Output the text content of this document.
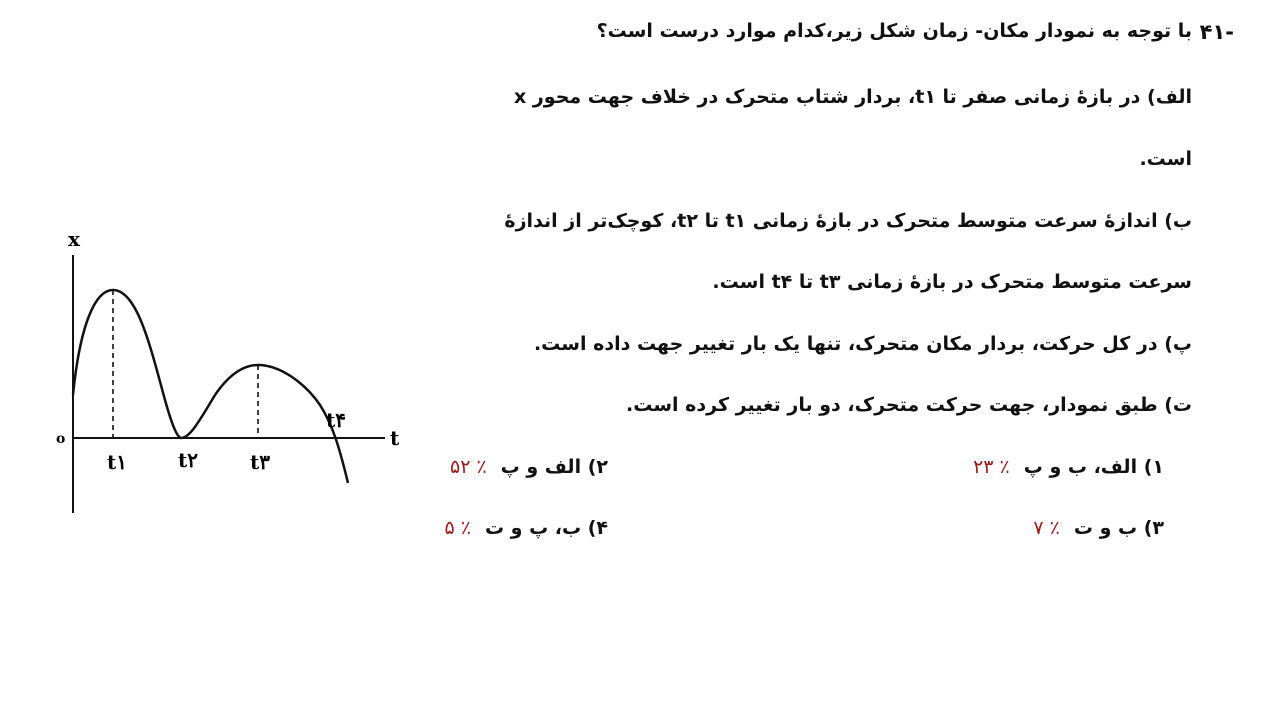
۴۱-
با توجه به نمودار مکان- زمان شکل زیر،کدام موارد درست است؟
الف) در بازهٔ زمانی صفر تا t۱، بردار شتاب متحرک در خلاف جهت محور x
است.
ب) اندازهٔ سرعت متوسط متحرک در بازهٔ زمانی t۱ تا t۲، کوچک‌تر از اندازهٔ
سرعت متوسط متحرک در بازهٔ زمانی t۳ تا t۴ است.
پ) در کل حرکت، بردار مکان متحرک، تنها یک بار تغییر جهت داده است.
ت) طبق نمودار، جهت حرکت متحرک، دو بار تغییر کرده است.
۱) الف، ب و پ٪ ۲۳
۲) الف و پ٪ ۵۲
۳) ب و ت٪ ۷
۴) ب، پ و ت٪ ۵
x
t
o
t۱	t۲	t۳
t۴
